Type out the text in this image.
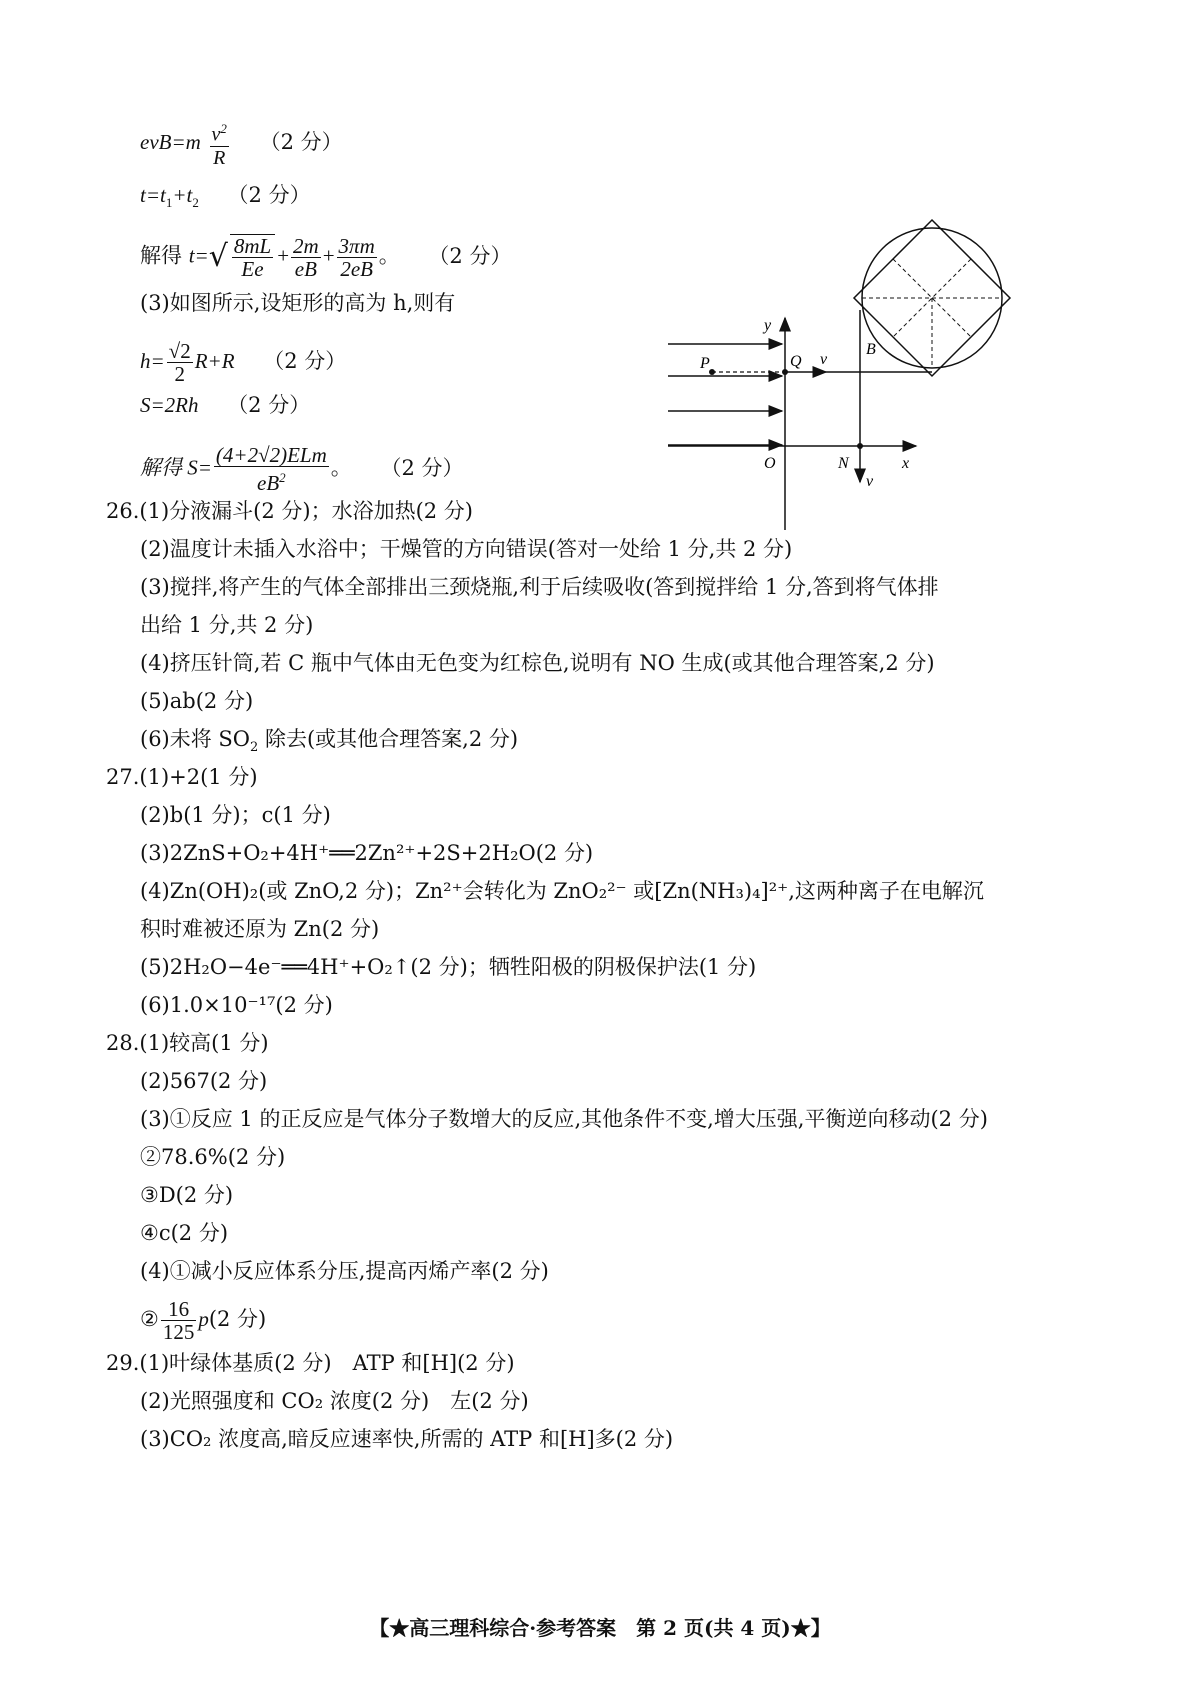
$evB=m \frac{v^2}{R} (2$ 分）
$t=t_1+t_2$ （2 分）
解得 $t=√ \frac{8mL}{Ee} + \frac{2m}{eB} + \frac{3\pi m}{2eB}$ 。 （2 分）
(3)如图所示,设矩形的高为 h,则有
$h= \frac{√2}{2} R+R$ （2 分）
S=2Rh （2 分）
解得 $S= \frac{\text{(4+2√2)ELm}}{eB^2}$ 。 （2 分）
y
x
P	Q v
B
O	N
v
26.(1)分液漏斗(2 分)；水浴加热(2 分)
(2)温度计未插入水浴中；干燥管的方向错误(答对一处给 1 分,共 2 分)
(3)搅拌,将产生的气体全部排出三颈烧瓶,利于后续吸收(答到搅拌给 1 分,答到将气体排
出给 1 分,共 2 分)
(4)挤压针筒,若 C 瓶中气体由无色变为红棕色,说明有 NO 生成(或其他合理答案,2 分)
(5)ab(2 分)
(6)未将 $SO_2$ 除去(或其他合理答案,2 分)
27.(1)+2(1 分)
(2)b(1 分)；c(1 分)
(3)2ZnS+O₂+4H⁺══2Zn²⁺+2S+2H₂O(2 分)
(4)Zn(OH)₂(或 ZnO,2 分)；Zn²⁺会转化为 ZnO₂²⁻ 或[Zn(NH₃)₄]²⁺,这两种离子在电解沉
积时难被还原为 Zn(2 分)
(5)2H₂O−4e⁻══4H⁺+O₂↑(2 分)；牺牲阳极的阴极保护法(1 分)
(6)1.0×10⁻¹⁷(2 分)
28.(1)较高(1 分)
(2)567(2 分)
(3)①反应 1 的正反应是气体分子数增大的反应,其他条件不变,增大压强,平衡逆向移动(2 分)
②78.6%(2 分)
③D(2 分)
④c(2 分)
(4)①减小反应体系分压,提高丙烯产率(2 分)
② $\frac{16}{125} p(2$ 分)
29.(1)叶绿体基质(2 分)　ATP 和[H](2 分)
(2)光照强度和 CO₂ 浓度(2 分)　左(2 分)
(3)CO₂ 浓度高,暗反应速率快,所需的 ATP 和[H]多(2 分)
【★高三理科综合·参考答案　第 2 页(共 4 页)★】
